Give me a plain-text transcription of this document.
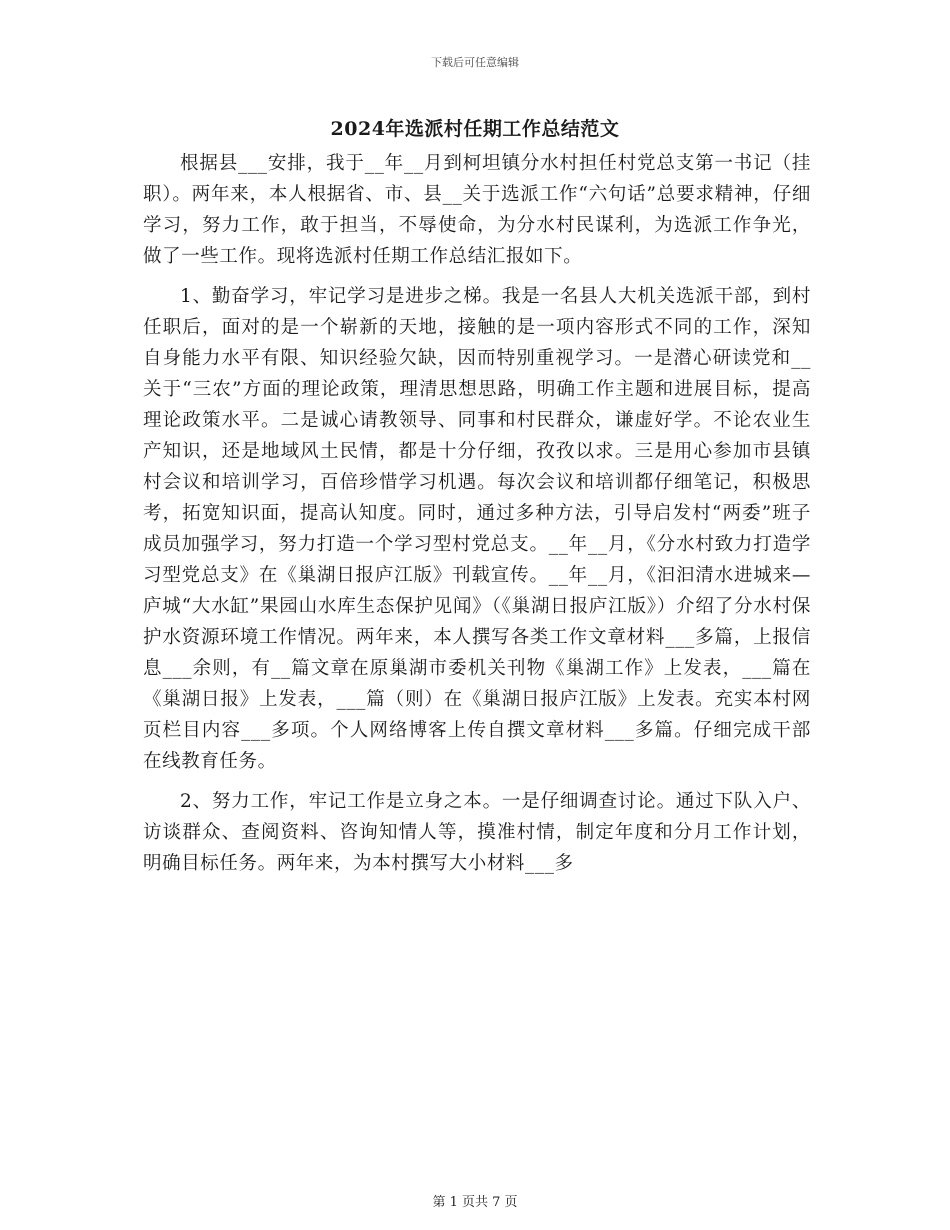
下载后可任意编辑
2024年选派村任期工作总结范文

根据县___安排，我于__年__月到柯坦镇分水村担任村党总支第一书记（挂职）。两年来，本人根据省、市、县__关于选派工作“六句话”总要求精神，仔细学习，努力工作，敢于担当，不辱使命，为分水村民谋利，为选派工作争光，做了一些工作。现将选派村任期工作总结汇报如下。

1、勤奋学习，牢记学习是进步之梯。我是一名县人大机关选派干部，到村任职后，面对的是一个崭新的天地，接触的是一项内容形式不同的工作，深知自身能力水平有限、知识经验欠缺，因而特别重视学习。一是潜心研读党和__关于“三农”方面的理论政策，理清思想思路，明确工作主题和进展目标，提高理论政策水平。二是诚心请教领导、同事和村民群众，谦虚好学。不论农业生产知识，还是地域风土民情，都是十分仔细，孜孜以求。三是用心参加市县镇村会议和培训学习，百倍珍惜学习机遇。每次会议和培训都仔细笔记，积极思考，拓宽知识面，提高认知度。同时，通过多种方法，引导启发村“两委”班子成员加强学习，努力打造一个学习型村党总支。__年__月，《分水村致力打造学习型党总支》在《巢湖日报庐江版》刊载宣传。__年__月，《汩汩清水进城来—庐城“大水缸”果园山水库生态保护见闻》（《巢湖日报庐江版》）介绍了分水村保护水资源环境工作情况。两年来，本人撰写各类工作文章材料___多篇，上报信息___余则，有__篇文章在原巢湖市委机关刊物《巢湖工作》上发表，___篇在《巢湖日报》上发表，___篇（则）在《巢湖日报庐江版》上发表。充实本村网页栏目内容___多项。个人网络博客上传自撰文章材料___多篇。仔细完成干部在线教育任务。

2、努力工作，牢记工作是立身之本。一是仔细调查讨论。通过下队入户、访谈群众、查阅资料、咨询知情人等，摸准村情，制定年度和分月工作计划，明确目标任务。两年来，为本村撰写大小材料___多

第 1 页共 7 页
